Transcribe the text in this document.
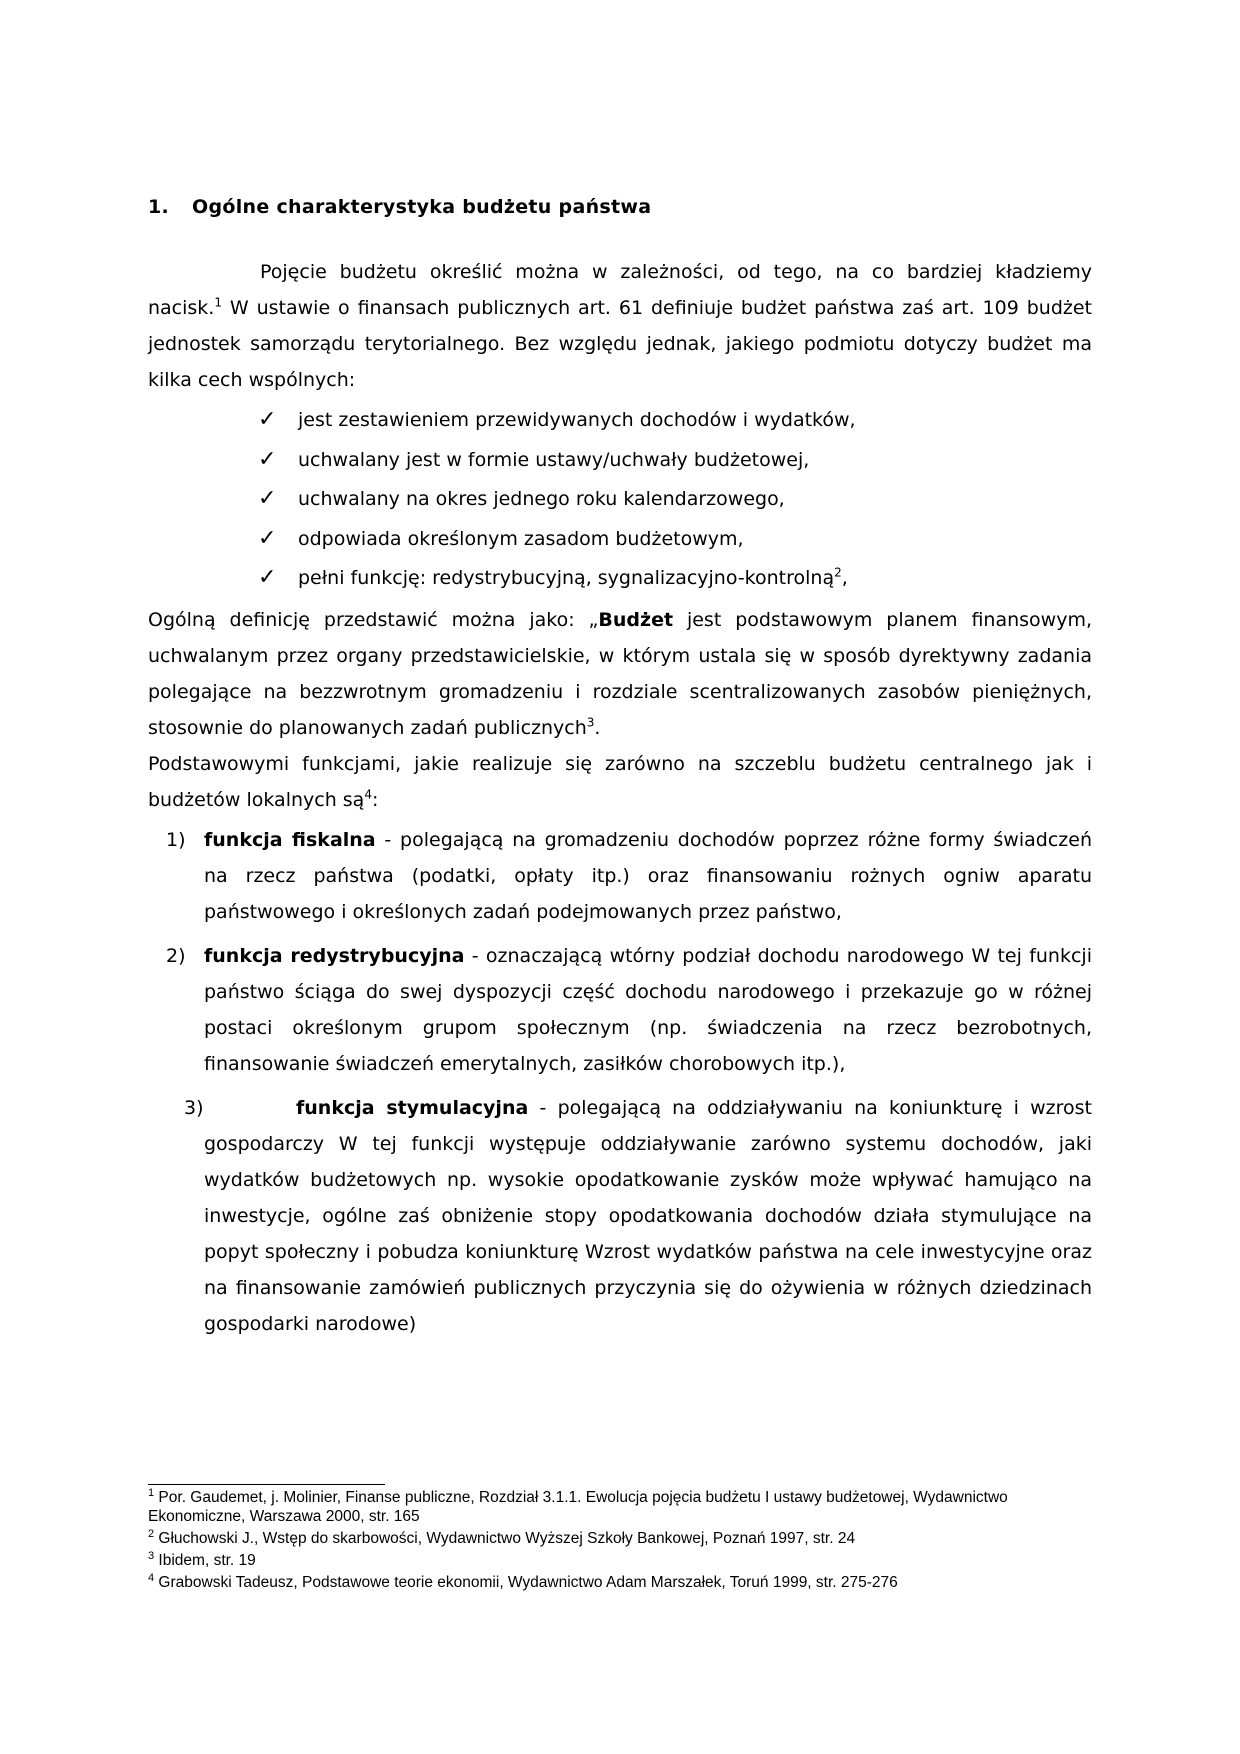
1. Ogólne charakterystyka budżetu państwa

Pojęcie budżetu określić można w zależności, od tego, na co bardziej kładziemy nacisk.$^1$ W ustawie o finansach publicznych art. 61 definiuje budżet państwa zaś art. 109 budżet jednostek samorządu terytorialnego. Bez względu jednak, jakiego podmiotu dotyczy budżet ma kilka cech wspólnych:

✓ jest zestawieniem przewidywanych dochodów i wydatków,
✓ uchwalany jest w formie ustawy/uchwały budżetowej,
✓ uchwalany na okres jednego roku kalendarzowego,
✓ odpowiada określonym zasadom budżetowym,
✓ pełni funkcję: redystrybucyjną, sygnalizacyjno-kontrolną$^2$,

Ogólną definicję przedstawić można jako: „Budżet jest podstawowym planem finansowym, uchwalanym przez organy przedstawicielskie, w którym ustala się w sposób dyrektywny zadania polegające na bezzwrotnym gromadzeniu i rozdziale scentralizowanych zasobów pieniężnych, stosownie do planowanych zadań publicznych$^3$.

Podstawowymi funkcjami, jakie realizuje się zarówno na szczeblu budżetu centralnego jak i budżetów lokalnych są$^4$:

1) funkcja fiskalna - polegającą na gromadzeniu dochodów poprzez różne formy świadczeń na rzecz państwa (podatki, opłaty itp.) oraz finansowaniu rożnych ogniw aparatu państwowego i określonych zadań podejmowanych przez państwo,

2) funkcja redystrybucyjna - oznaczającą wtórny podział dochodu narodowego W tej funkcji państwo ściąga do swej dyspozycji część dochodu narodowego i przekazuje go w różnej postaci określonym grupom społecznym (np. świadczenia na rzecz bezrobotnych, finansowanie świadczeń emerytalnych, zasiłków chorobowych itp.),

3)	funkcja stymulacyjna - polegającą na oddziaływaniu na koniunkturę i wzrost gospodarczy W tej funkcji występuje oddziaływanie zarówno systemu dochodów, jaki wydatków budżetowych np. wysokie opodatkowanie zysków może wpływać hamująco na inwestycje, ogólne zaś obniżenie stopy opodatkowania dochodów działa stymulujące na popyt społeczny i pobudza koniunkturę Wzrost wydatków państwa na cele inwestycyjne oraz na finansowanie zamówień publicznych przyczynia się do ożywienia w różnych dziedzinach gospodarki narodowe)

$^1$ Por. Gaudemet, j. Molinier, Finanse publiczne, Rozdział 3.1.1. Ewolucja pojęcia budżetu I ustawy budżetowej, Wydawnictwo Ekonomiczne, Warszawa 2000, str. 165
$^2$ Głuchowski J., Wstęp do skarbowości, Wydawnictwo Wyższej Szkoły Bankowej, Poznań 1997, str. 24
$^3$ Ibidem, str. 19
$^4$ Grabowski Tadeusz, Podstawowe teorie ekonomii, Wydawnictwo Adam Marszałek, Toruń 1999, str. 275-276
